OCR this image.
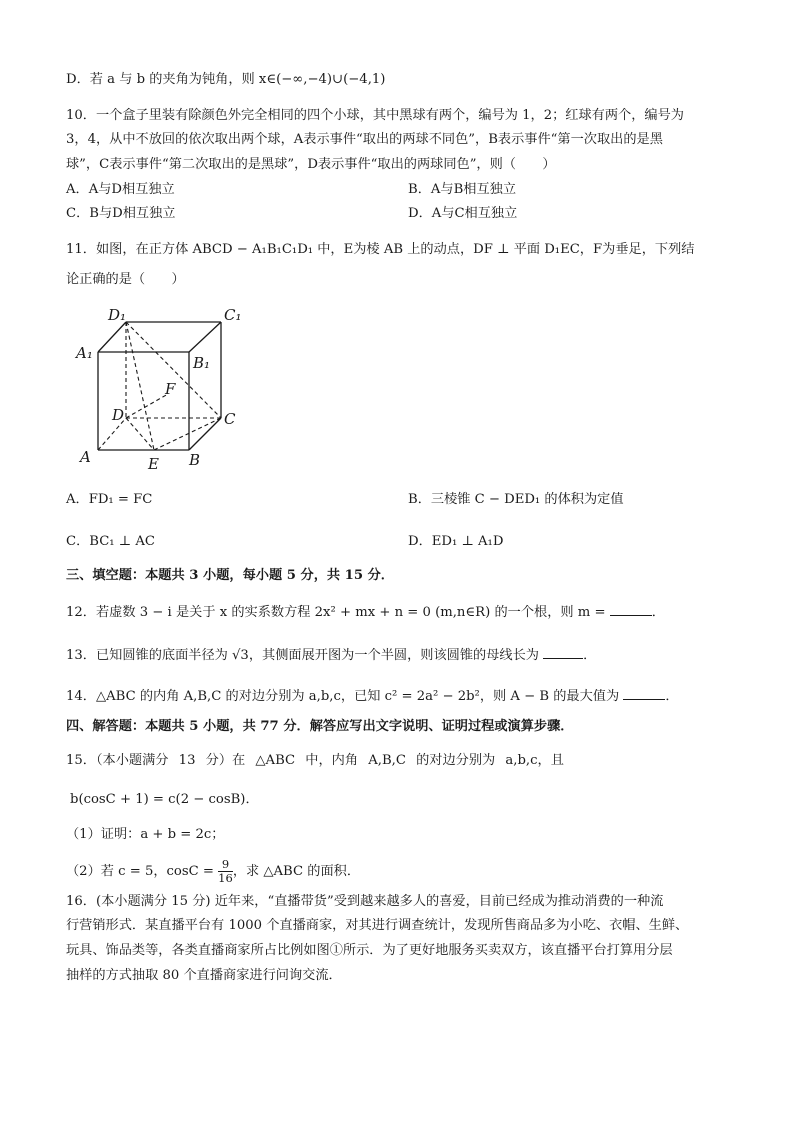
D．若 a 与 b 的夹角为钝角，则 x∈(−∞,−4)∪(−4,1)
10．一个盒子里装有除颜色外完全相同的四个小球，其中黑球有两个，编号为 1，2；红球有两个，编号为
3，4，从中不放回的依次取出两个球，A表示事件“取出的两球不同色”，B表示事件“第一次取出的是黑
球”，C表示事件“第二次取出的是黑球”，D表示事件“取出的两球同色”，则（　　）
A．A与D相互独立	B．A与B相互独立
C．B与D相互独立	D．A与C相互独立
11．如图，在正方体 ABCD − A₁B₁C₁D₁ 中，E为棱 AB 上的动点，DF ⊥ 平面 D₁EC，F为垂足，下列结
论正确的是（　　）
D₁	C₁
A₁
B₁
F
D	C
A	E B
A．FD₁ = FC	B．三棱锥 C − DED₁ 的体积为定值
C．BC₁ ⊥ AC	D．ED₁ ⊥ A₁D
三、填空题：本题共 3 小题，每小题 5 分，共 15 分．
12．若虚数 3 − i 是关于 x 的实系数方程 2x² + mx + n = 0 (m,n∈R) 的一个根，则 m =	．
13．已知圆锥的底面半径为 √3，其侧面展开图为一个半圆，则该圆锥的母线长为	．
14．△ABC 的内角 A,B,C 的对边分别为 a,b,c，已知 c² = 2a² − 2b²，则 A − B 的最大值为	．
四、解答题：本题共 5 小题，共 77 分．解答应写出文字说明、证明过程或演算步骤．
15．（本小题满分 13 分）在 △ABC 中，内角 A,B,C 的对边分别为 a,b,c，且
b(cosC + 1) = c(2 − cosB)．
（1）证明：a + b = 2c；
（2）若 c = 5，$\cos C = \frac{9}{16}$ ，求 △ABC 的面积．
16．(本小题满分 15 分) 近年来，“直播带货”受到越来越多人的喜爱，目前已经成为推动消费的一种流
行营销形式．某直播平台有 1000 个直播商家，对其进行调查统计，发现所售商品多为小吃、衣帽、生鲜、
玩具、饰品类等，各类直播商家所占比例如图①所示．为了更好地服务买卖双方，该直播平台打算用分层
抽样的方式抽取 80 个直播商家进行问询交流．
